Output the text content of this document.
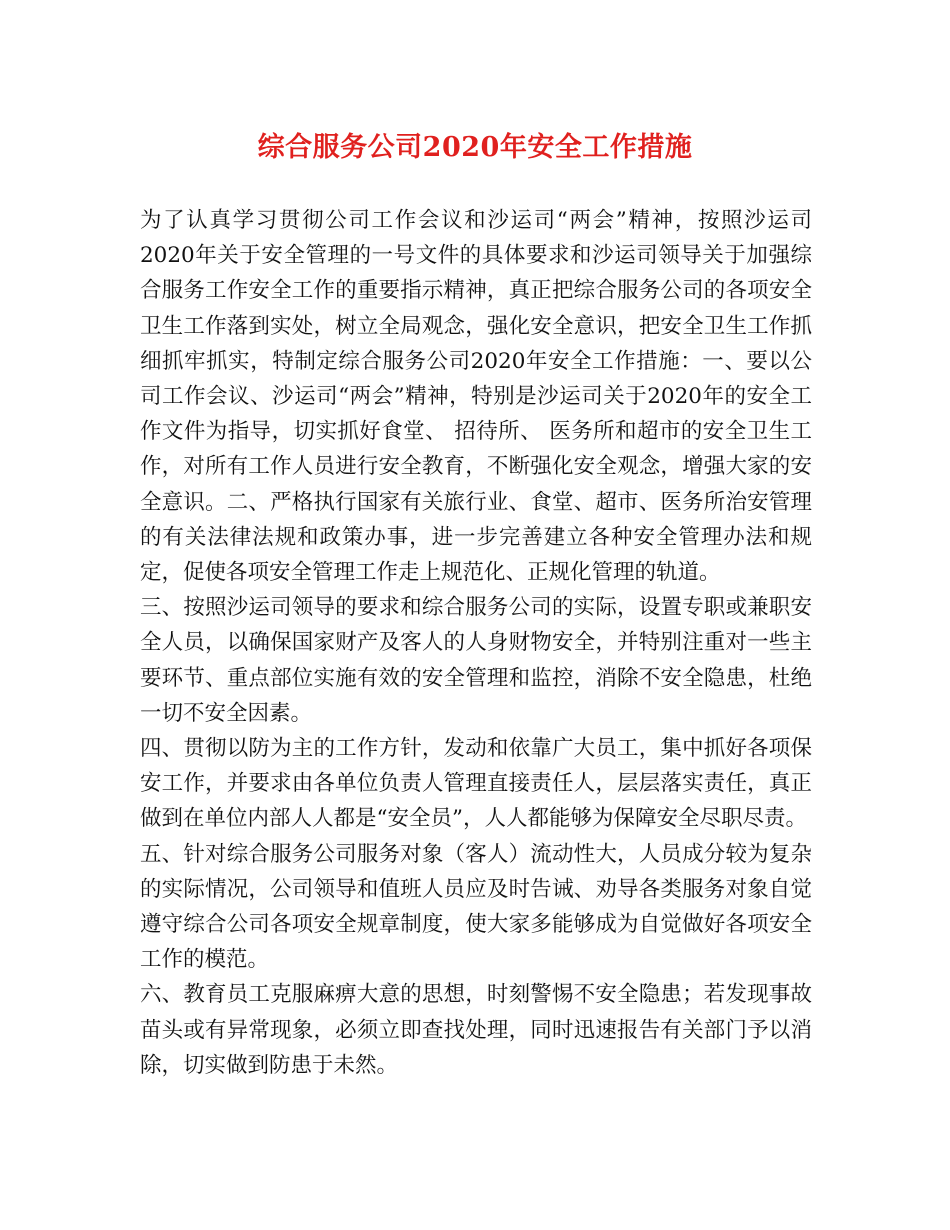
综合服务公司2020年安全工作措施

为了认真学习贯彻公司工作会议和沙运司“两会”精神，按照沙运司2020年关于安全管理的一号文件的具体要求和沙运司领导关于加强综合服务工作安全工作的重要指示精神，真正把综合服务公司的各项安全卫生工作落到实处，树立全局观念，强化安全意识，把安全卫生工作抓细抓牢抓实，特制定综合服务公司2020年安全工作措施：一、要以公司工作会议、沙运司“两会”精神，特别是沙运司关于2020年的安全工作文件为指导，切实抓好食堂、 招待所、 医务所和超市的安全卫生工作，对所有工作人员进行安全教育，不断强化安全观念，增强大家的安全意识。二、严格执行国家有关旅行业、食堂、超市、医务所治安管理的有关法律法规和政策办事，进一步完善建立各种安全管理办法和规定，促使各项安全管理工作走上规范化、正规化管理的轨道。

三、按照沙运司领导的要求和综合服务公司的实际，设置专职或兼职安全人员，以确保国家财产及客人的人身财物安全，并特别注重对一些主要环节、重点部位实施有效的安全管理和监控，消除不安全隐患，杜绝一切不安全因素。

四、贯彻以防为主的工作方针，发动和依靠广大员工，集中抓好各项保安工作，并要求由各单位负责人管理直接责任人，层层落实责任，真正做到在单位内部人人都是“安全员”，人人都能够为保障安全尽职尽责。

五、针对综合服务公司服务对象（客人）流动性大，人员成分较为复杂的实际情况，公司领导和值班人员应及时告诫、劝导各类服务对象自觉遵守综合公司各项安全规章制度，使大家多能够成为自觉做好各项安全工作的模范。

六、教育员工克服麻痹大意的思想，时刻警惕不安全隐患；若发现事故苗头或有异常现象，必须立即查找处理，同时迅速报告有关部门予以消除，切实做到防患于未然。
